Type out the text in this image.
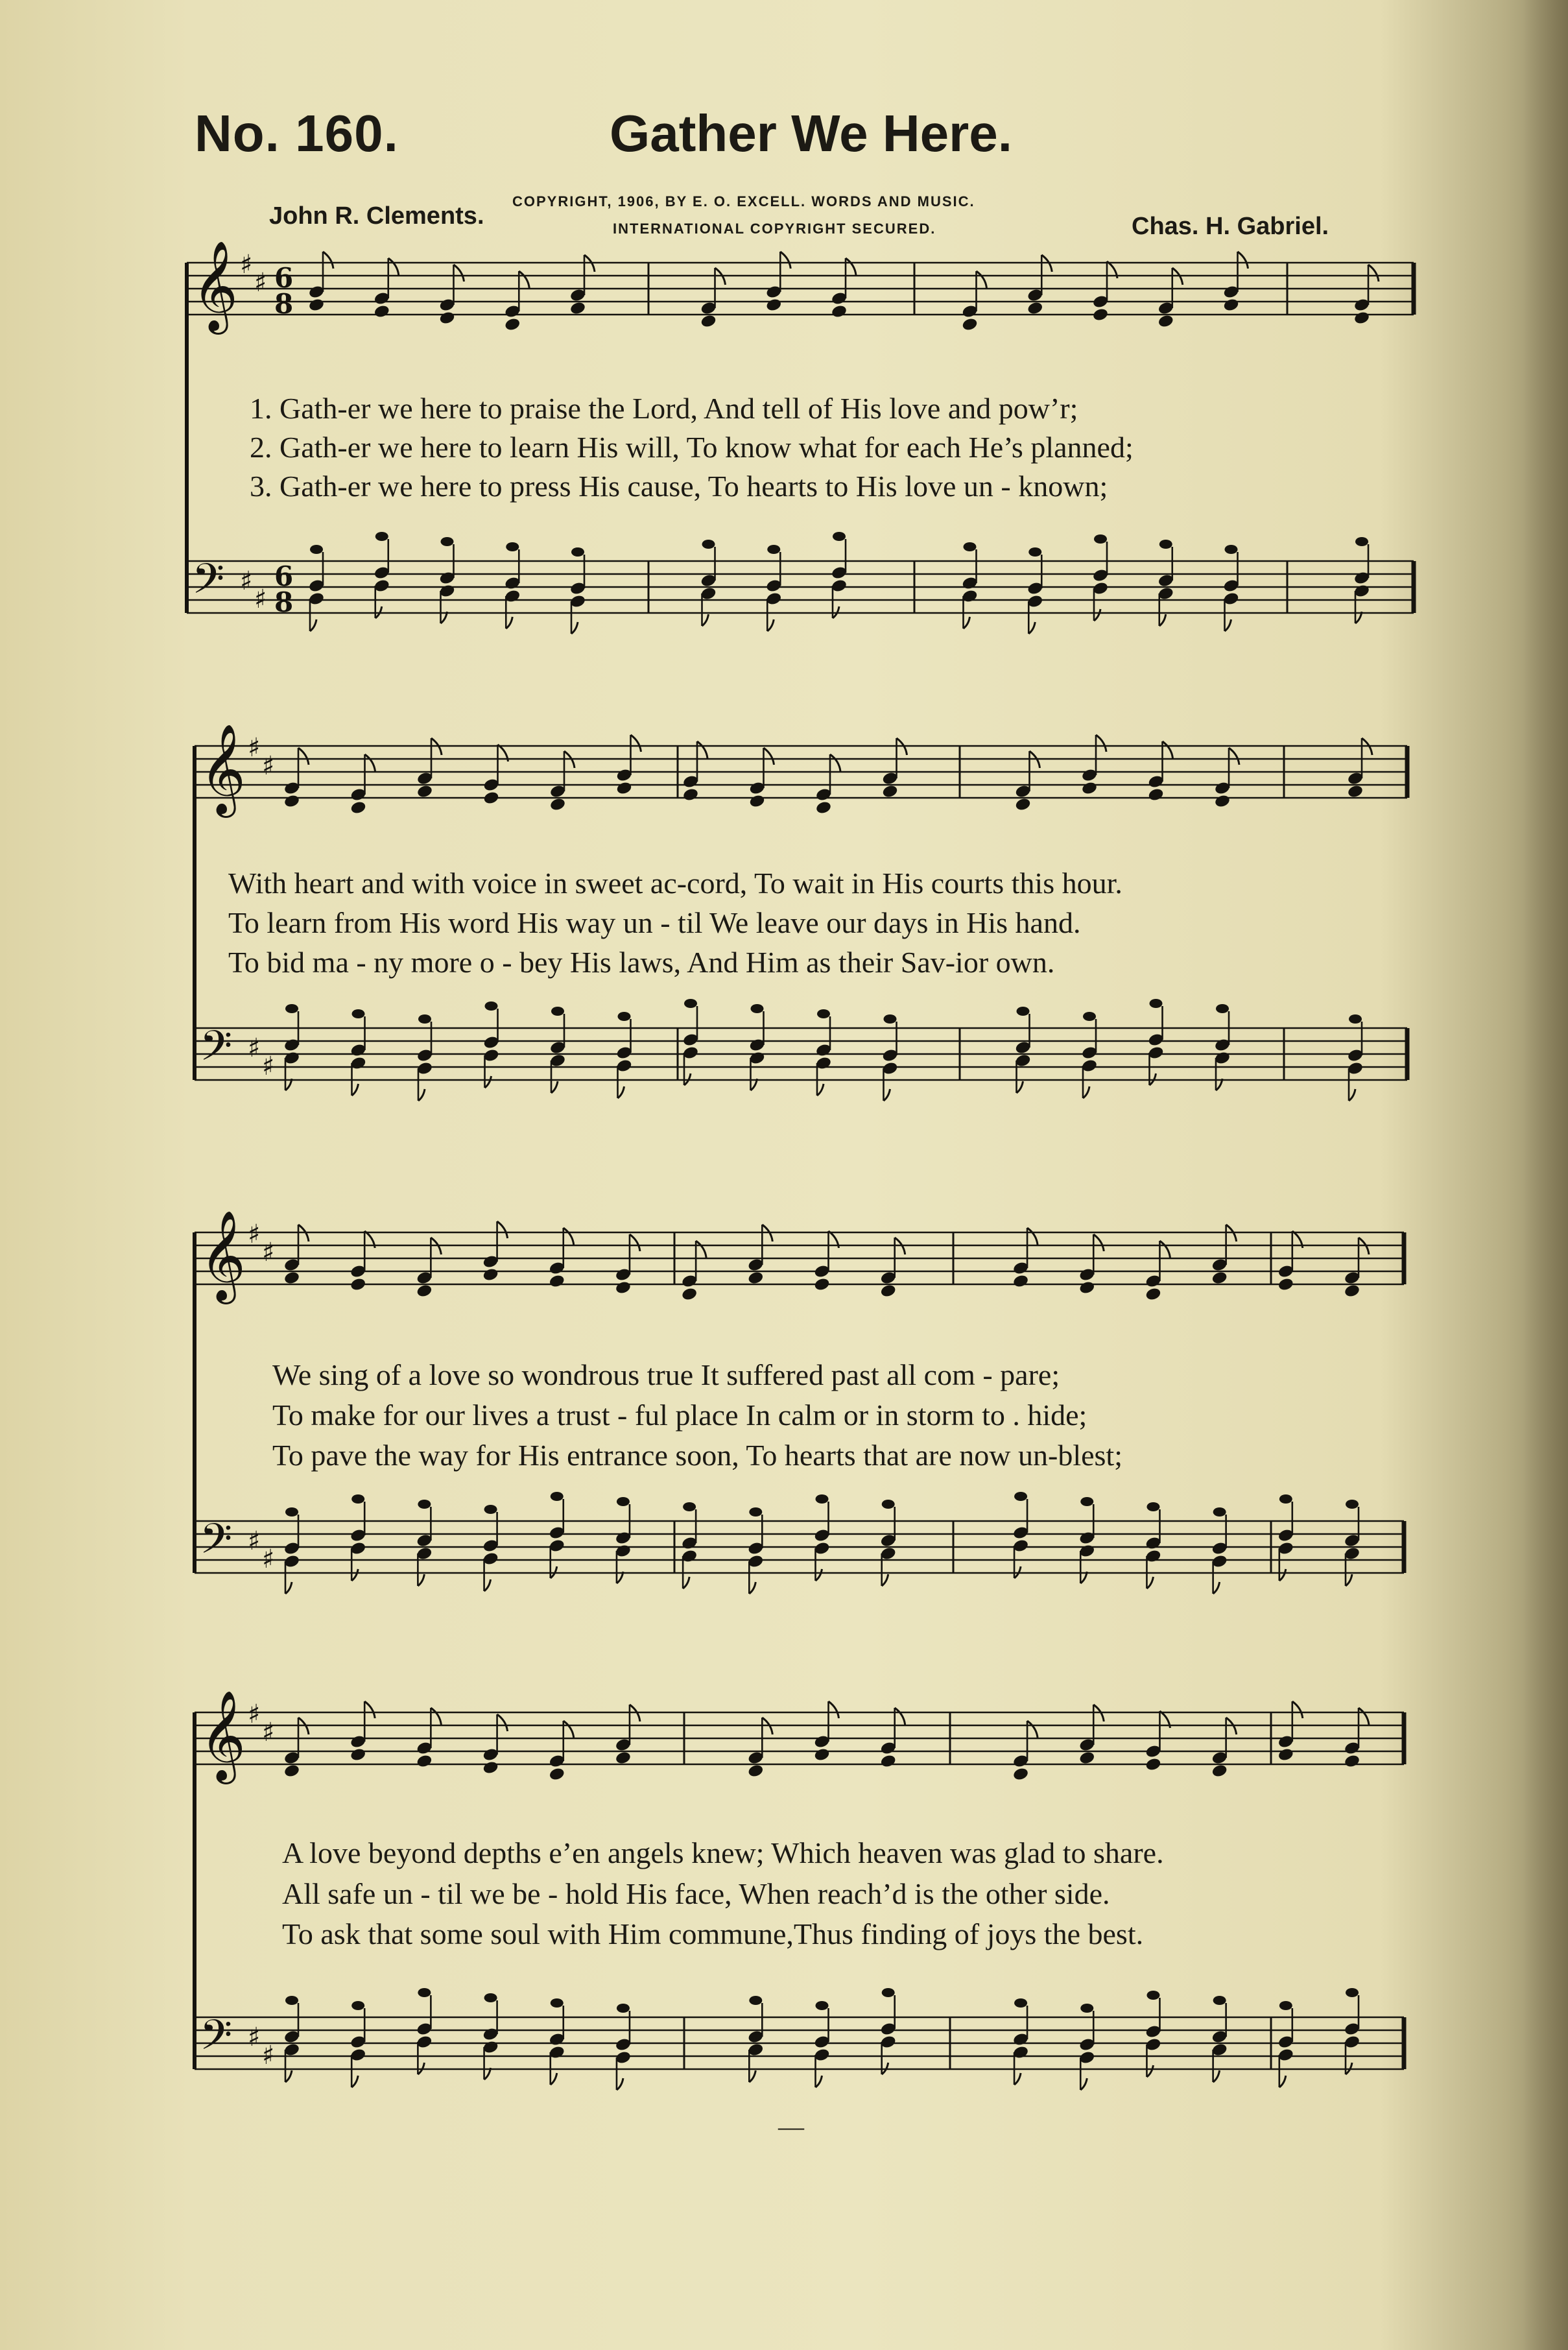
No. 160.	Gather We Here.
John R. Clements.
COPYRIGHT, 1906, BY E. O. EXCELL. WORDS AND MUSIC.
INTERNATIONAL COPYRIGHT SECURED.	Chas. H. Gabriel.
𝄞 ♯
♯ 6
8
𝄢 ♯
♯
6
8
𝄞 ♯
♯
𝄢 ♯
♯
𝄞 ♯
♯
𝄢 ♯
♯
𝄞 ♯
♯
𝄢 ♯
♯
1. Gath-er we here to praise the Lord, And tell of His love and pow’r;
2. Gath-er we here to learn His will, To know what for each He’s planned;
3. Gath-er we here to press His cause, To hearts to His love un - known;
With heart and with voice in sweet ac-cord, To wait in His courts this hour.
To learn from His word His way un - til We leave our days in His hand.
To bid ma - ny more o - bey His laws, And Him as their Sav-ior own.
We sing of a love so wondrous true It suffered past all com - pare;
To make for our lives a trust - ful place In calm or in storm to . hide;
To pave the way for His entrance soon, To hearts that are now un-blest;
A love beyond depths e’en angels knew; Which heaven was glad to share.
All safe un - til we be - hold His face, When reach’d is the other side.
To ask that some soul with Him commune,Thus finding of joys the best.
—
